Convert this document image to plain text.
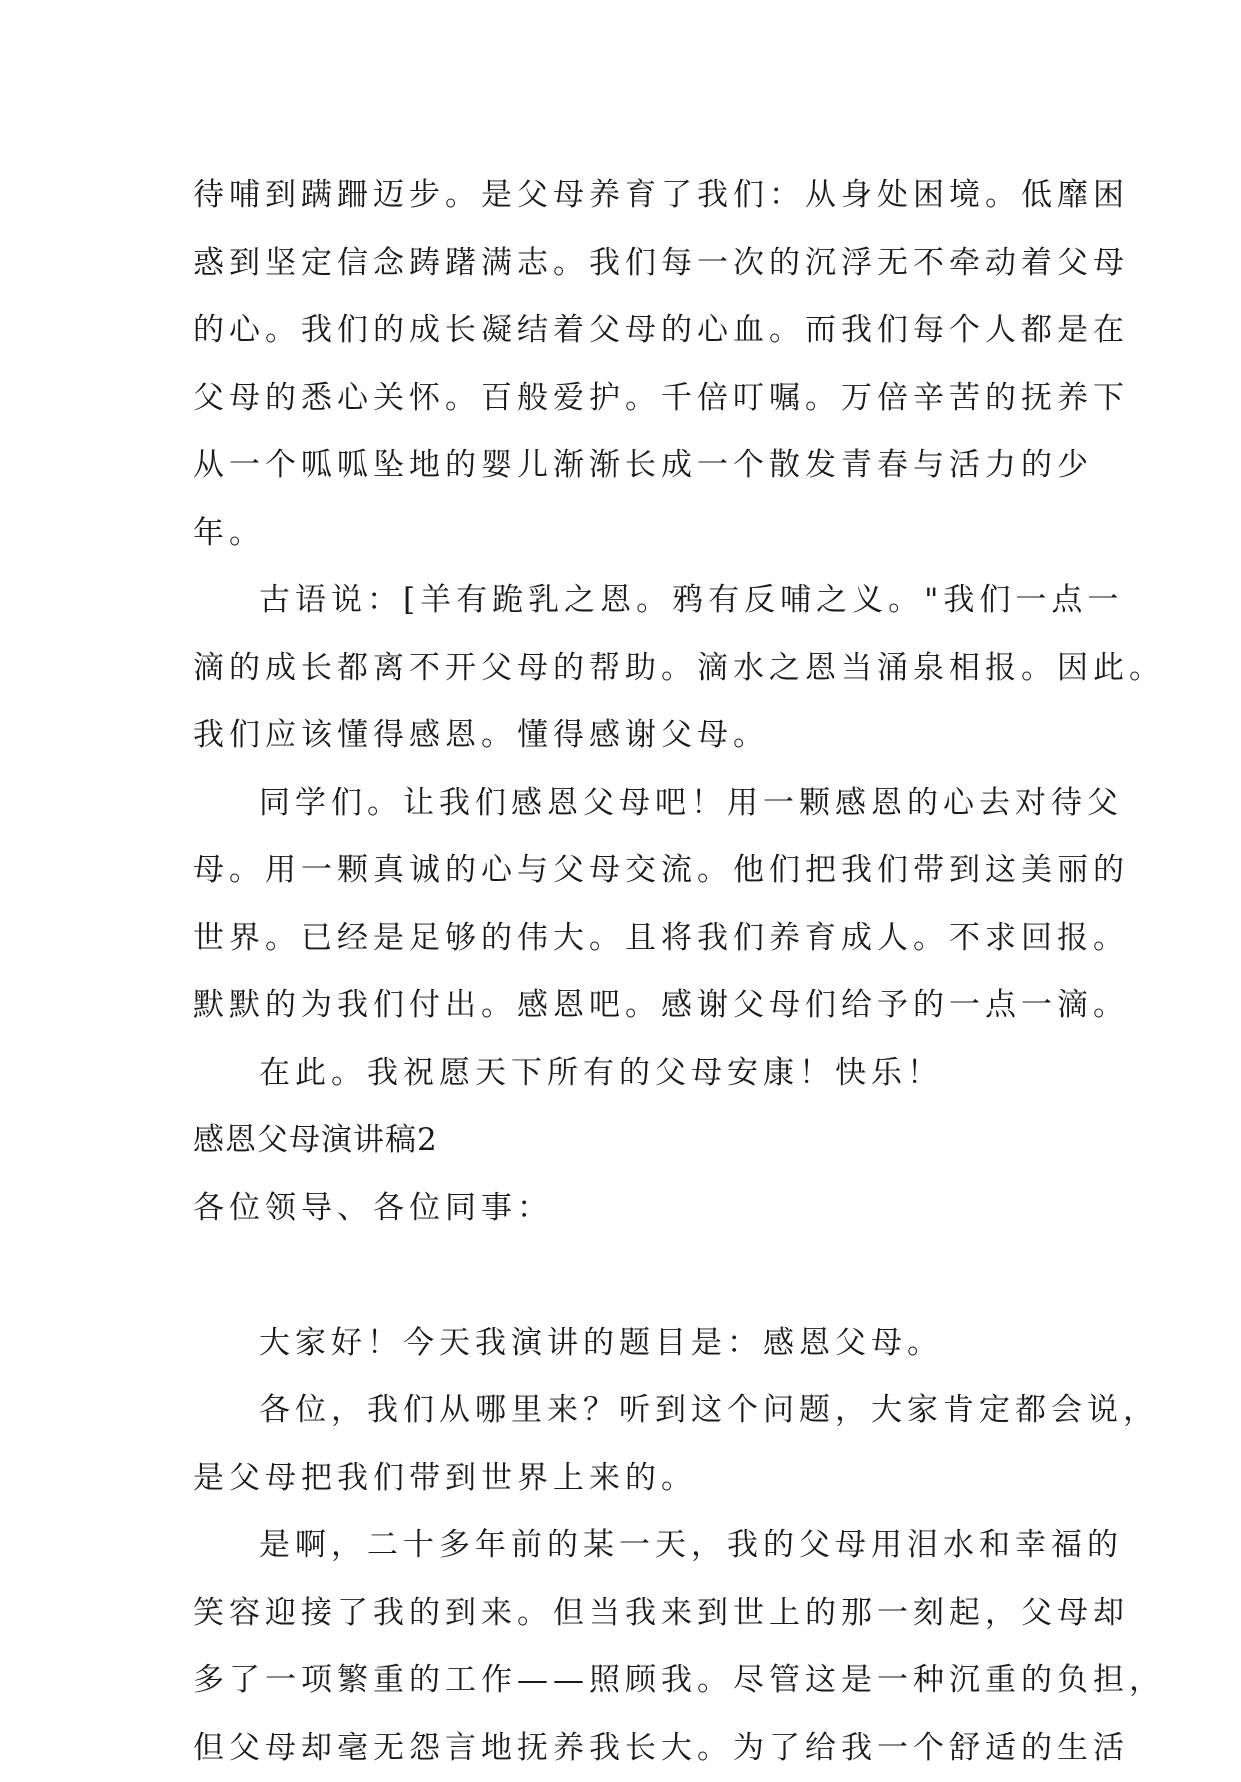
待哺到蹒跚迈步。是父母养育了我们：从身处困境。低靡困
惑到坚定信念踌躇满志。我们每一次的沉浮无不牵动着父母
的心。我们的成长凝结着父母的心血。而我们每个人都是在
父母的悉心关怀。百般爱护。千倍叮嘱。万倍辛苦的抚养下
从一个呱呱坠地的婴儿渐渐长成一个散发青春与活力的少
年。
古语说：[羊有跪乳之恩。鸦有反哺之义。"我们一点一
滴的成长都离不开父母的帮助。滴水之恩当涌泉相报。因此。
我们应该懂得感恩。懂得感谢父母。
同学们。让我们感恩父母吧！用一颗感恩的心去对待父
母。用一颗真诚的心与父母交流。他们把我们带到这美丽的
世界。已经是足够的伟大。且将我们养育成人。不求回报。
默默的为我们付出。感恩吧。感谢父母们给予的一点一滴。
在此。我祝愿天下所有的父母安康！快乐！
感恩父母演讲稿2
各位领导、各位同事：
大家好！今天我演讲的题目是：感恩父母。
各位，我们从哪里来？听到这个问题，大家肯定都会说，
是父母把我们带到世界上来的。
是啊，二十多年前的某一天，我的父母用泪水和幸福的
笑容迎接了我的到来。但当我来到世上的那一刻起，父母却
多了一项繁重的工作——照顾我。尽管这是一种沉重的负担，
但父母却毫无怨言地抚养我长大。为了给我一个舒适的生活
